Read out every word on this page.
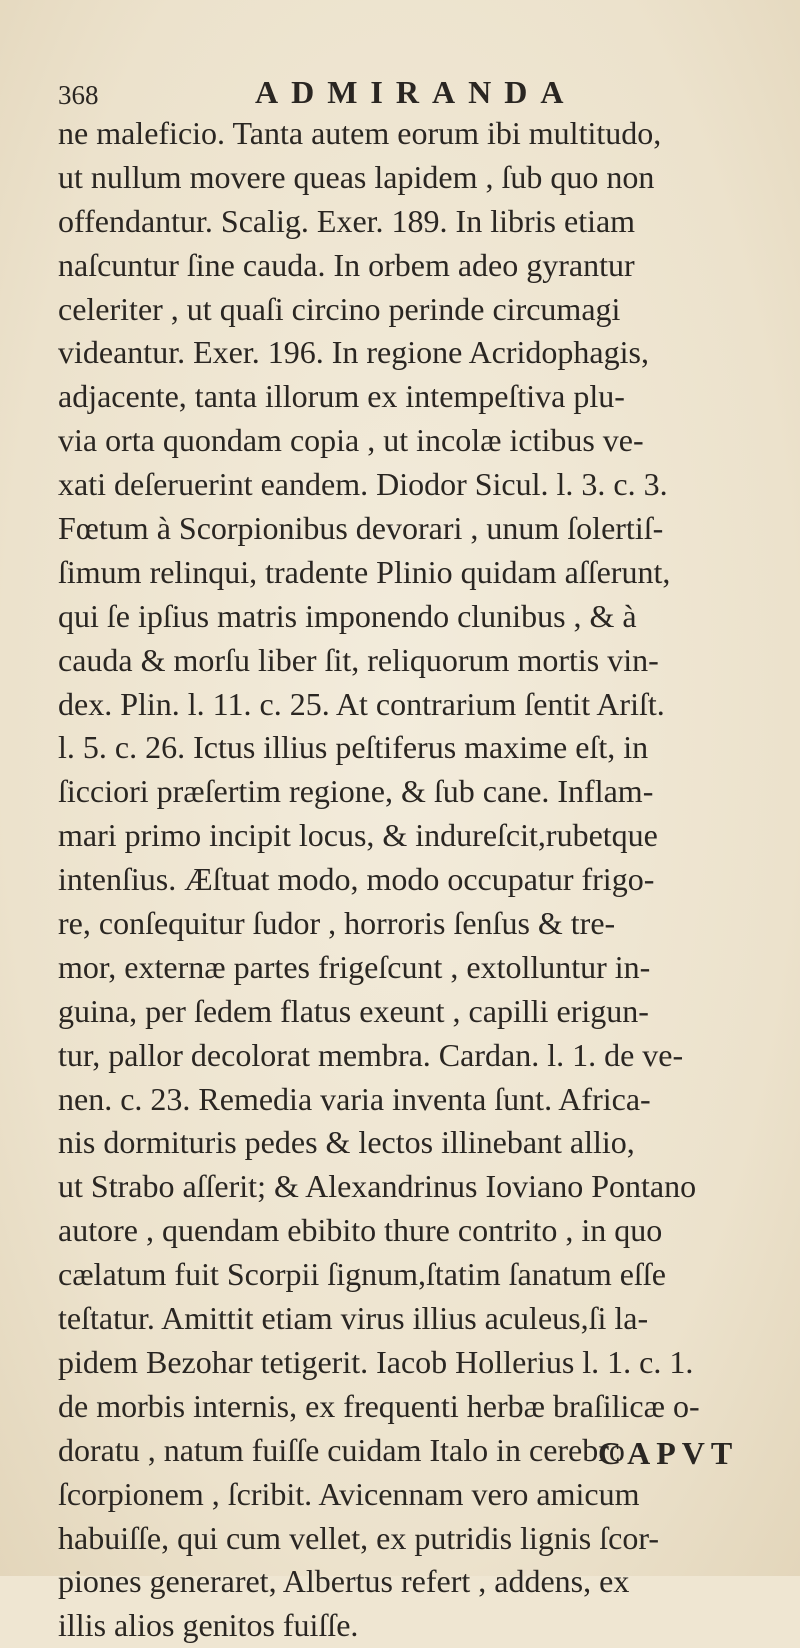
368	ADMIRANDA
ne maleficio. Tanta autem eorum ibi multitudo,
ut nullum movere queas lapidem , ſub quo non
offendantur. Scalig. Exer. 189. In libris etiam
naſcuntur ſine cauda. In orbem adeo gyrantur
celeriter , ut quaſi circino perinde circumagi
videantur. Exer. 196. In regione Acridophagis,
adjacente, tanta illorum ex intempeſtiva plu-
via orta quondam copia , ut incolæ ictibus ve-
xati deſeruerint eandem. Diodor Sicul. l. 3. c. 3.
Fœtum à Scorpionibus devorari , unum ſolertiſ-
ſimum relinqui, tradente Plinio quidam aſſerunt,
qui ſe ipſius matris imponendo clunibus , & à
cauda & morſu liber ſit, reliquorum mortis vin-
dex. Plin. l. 11. c. 25. At contrarium ſentit Ariſt.
l. 5. c. 26. Ictus illius peſtiferus maxime eſt, in
ſicciori præſertim regione, & ſub cane. Inflam-
mari primo incipit locus, & indureſcit,rubetque
intenſius. Æſtuat modo, modo occupatur frigo-
re, conſequitur ſudor , horroris ſenſus & tre-
mor, externæ partes frigeſcunt , extolluntur in-
guina, per ſedem flatus exeunt , capilli erigun-
tur, pallor decolorat membra. Cardan. l. 1. de ve-
nen. c. 23. Remedia varia inventa ſunt. Africa-
nis dormituris pedes & lectos illinebant allio,
ut Strabo aſſerit; & Alexandrinus Ioviano Pontano
autore , quendam ebibito thure contrito , in quo
cælatum fuit Scorpii ſignum,ſtatim ſanatum eſſe
teſtatur. Amittit etiam virus illius aculeus,ſi la-
pidem Bezohar tetigerit. Iacob Hollerius l. 1. c. 1.
de morbis internis, ex frequenti herbæ braſilicæ o-
doratu , natum fuiſſe cuidam Italo in cerebro
ſcorpionem , ſcribit. Avicennam vero amicum
habuiſſe, qui cum vellet, ex putridis lignis ſcor-
piones generaret, Albertus refert , addens, ex
illis alios genitos fuiſſe.
CAPVT
